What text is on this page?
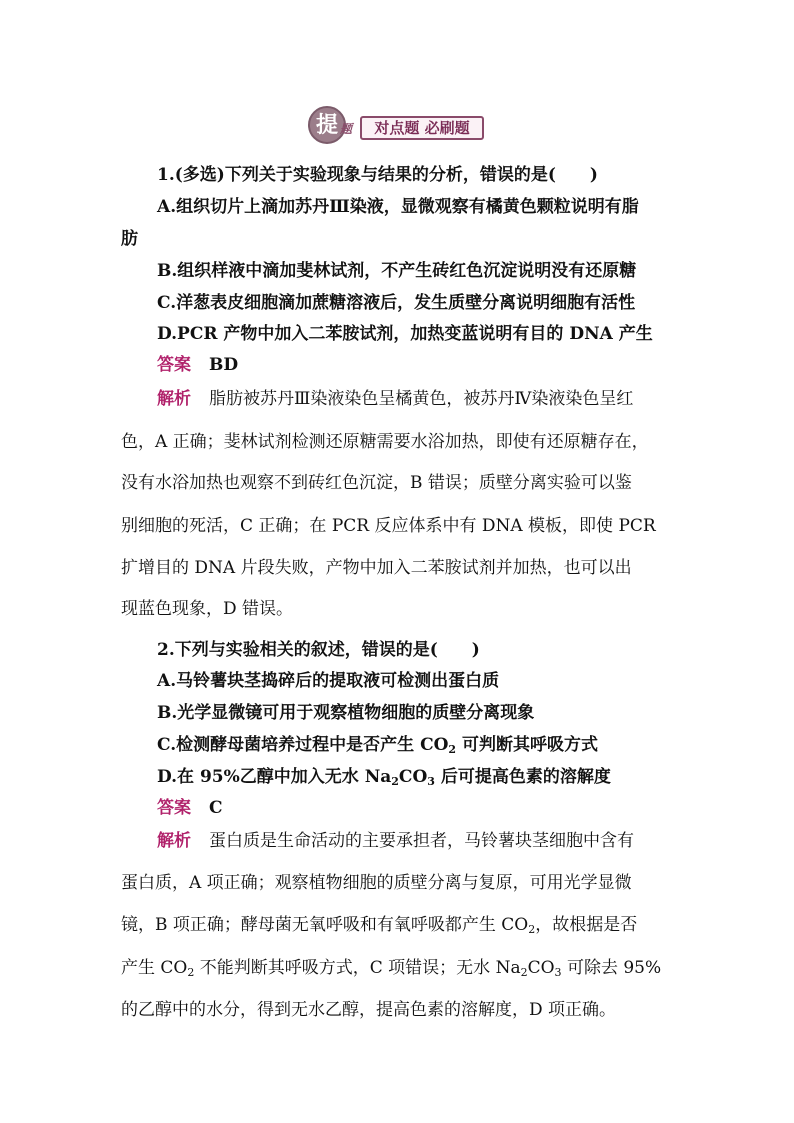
提 题	对点题 必刷题
1.(多选)下列关于实验现象与结果的分析，错误的是(　　)
A.组织切片上滴加苏丹Ⅲ染液，显微观察有橘黄色颗粒说明有脂
肪
B.组织样液中滴加斐林试剂，不产生砖红色沉淀说明没有还原糖
C.洋葱表皮细胞滴加蔗糖溶液后，发生质壁分离说明细胞有活性
D.PCR 产物中加入二苯胺试剂，加热变蓝说明有目的 DNA 产生
答案 BD
解析 脂肪被苏丹Ⅲ染液染色呈橘黄色，被苏丹Ⅳ染液染色呈红
色，A 正确；斐林试剂检测还原糖需要水浴加热，即使有还原糖存在，
没有水浴加热也观察不到砖红色沉淀，B 错误；质壁分离实验可以鉴
别细胞的死活，C 正确；在 PCR 反应体系中有 DNA 模板，即使 PCR
扩增目的 DNA 片段失败，产物中加入二苯胺试剂并加热，也可以出
现蓝色现象，D 错误。
2.下列与实验相关的叙述，错误的是(　　)
A.马铃薯块茎捣碎后的提取液可检测出蛋白质
B.光学显微镜可用于观察植物细胞的质壁分离现象
C.检测酵母菌培养过程中是否产生 $CO_2$ 可判断其呼吸方式
D.在 95%乙醇中加入无水 $Na_2CO_3$ 后可提高色素的溶解度
答案 C
解析 蛋白质是生命活动的主要承担者，马铃薯块茎细胞中含有
蛋白质，A 项正确；观察植物细胞的质壁分离与复原，可用光学显微
镜，B 项正确；酵母菌无氧呼吸和有氧呼吸都产生 $CO_2$，故根据是否
产生 $CO_2$ 不能判断其呼吸方式，C 项错误；无水 $Na_2CO_3$ 可除去 95%
的乙醇中的水分，得到无水乙醇，提高色素的溶解度，D 项正确。
